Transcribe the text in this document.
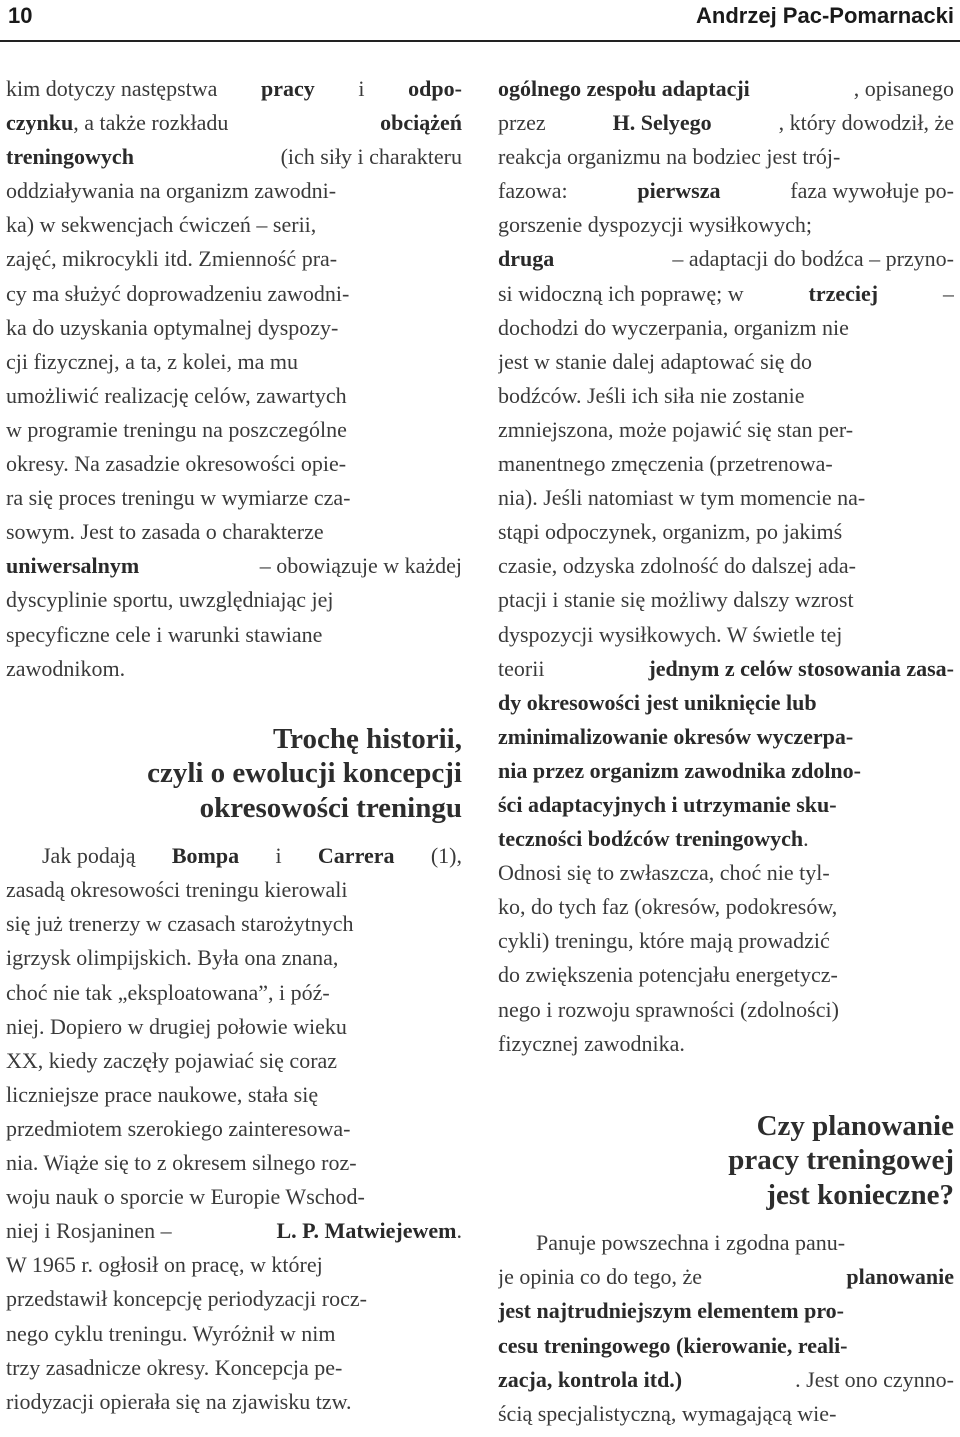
10	Andrzej Pac-Pomarnacki
kim dotyczy następstwa pracy i odpo-
czynku, a także rozkładu	obciążeń
treningowych	(ich siły i charakteru
oddziaływania na organizm zawodni-
ka) w sekwencjach ćwiczeń – serii,
zajęć, mikrocykli itd. Zmienność pra-
cy ma służyć doprowadzeniu zawodni-
ka do uzyskania optymalnej dyspozy-
cji fizycznej, a ta, z kolei, ma mu
umożliwić realizację celów, zawartych
w programie treningu na poszczególne
okresy. Na zasadzie okresowości opie-
ra się proces treningu w wymiarze cza-
sowym. Jest to zasada o charakterze
uniwersalnym	– obowiązuje w każdej
dyscyplinie sportu, uwzględniając jej
specyficzne cele i warunki stawiane
zawodnikom.
Trochę historii,
czyli o ewolucji koncepcji
okresowości treningu
Jak podają Bompa i Carrera (1),
zasadą okresowości treningu kierowali
się już trenerzy w czasach starożytnych
igrzysk olimpijskich. Była ona znana,
choć nie tak „eksploatowana”, i póź-
niej. Dopiero w drugiej połowie wieku
XX, kiedy zaczęły pojawiać się coraz
liczniejsze prace naukowe, stała się
przedmiotem szerokiego zainteresowa-
nia. Wiąże się to z okresem silnego roz-
woju nauk o sporcie w Europie Wschod-
niej i Rosjaninen –	L. P. Matwiejewem.
W 1965 r. ogłosił on pracę, w której
przedstawił koncepcję periodyzacji rocz-
nego cyklu treningu. Wyróżnił w nim
trzy zasadnicze okresy. Koncepcja pe-
riodyzacji opierała się na zjawisku tzw.
ogólnego zespołu adaptacji	, opisanego
przez	H. Selyego	, który dowodził, że
reakcja organizmu na bodziec jest trój-
fazowa:	pierwsza	faza wywołuje po-
gorszenie dyspozycji wysiłkowych;
druga	– adaptacji do bodźca – przyno-
si widoczną ich poprawę; w	trzeciej	–
dochodzi do wyczerpania, organizm nie
jest w stanie dalej adaptować się do
bodźców. Jeśli ich siła nie zostanie
zmniejszona, może pojawić się stan per-
manentnego zmęczenia (przetrenowa-
nia). Jeśli natomiast w tym momencie na-
stąpi odpoczynek, organizm, po jakimś
czasie, odzyska zdolność do dalszej ada-
ptacji i stanie się możliwy dalszy wzrost
dyspozycji wysiłkowych. W świetle tej
teorii	jednym z celów stosowania zasa-
dy okresowości jest uniknięcie lub
zminimalizowanie okresów wyczerpa-
nia przez organizm zawodnika zdolno-
ści adaptacyjnych i utrzymanie sku-
teczności bodźców treningowych.
Odnosi się to zwłaszcza, choć nie tyl-
ko, do tych faz (okresów, podokresów,
cykli) treningu, które mają prowadzić
do zwiększenia potencjału energetycz-
nego i rozwoju sprawności (zdolności)
fizycznej zawodnika.
Czy planowanie
pracy treningowej
jest konieczne?
Panuje powszechna i zgodna panu-
je opinia co do tego, że	planowanie
jest najtrudniejszym elementem pro-
cesu treningowego (kierowanie, reali-
zacja, kontrola itd.)	. Jest ono czynno-
ścią specjalistyczną, wymagającą wie-
